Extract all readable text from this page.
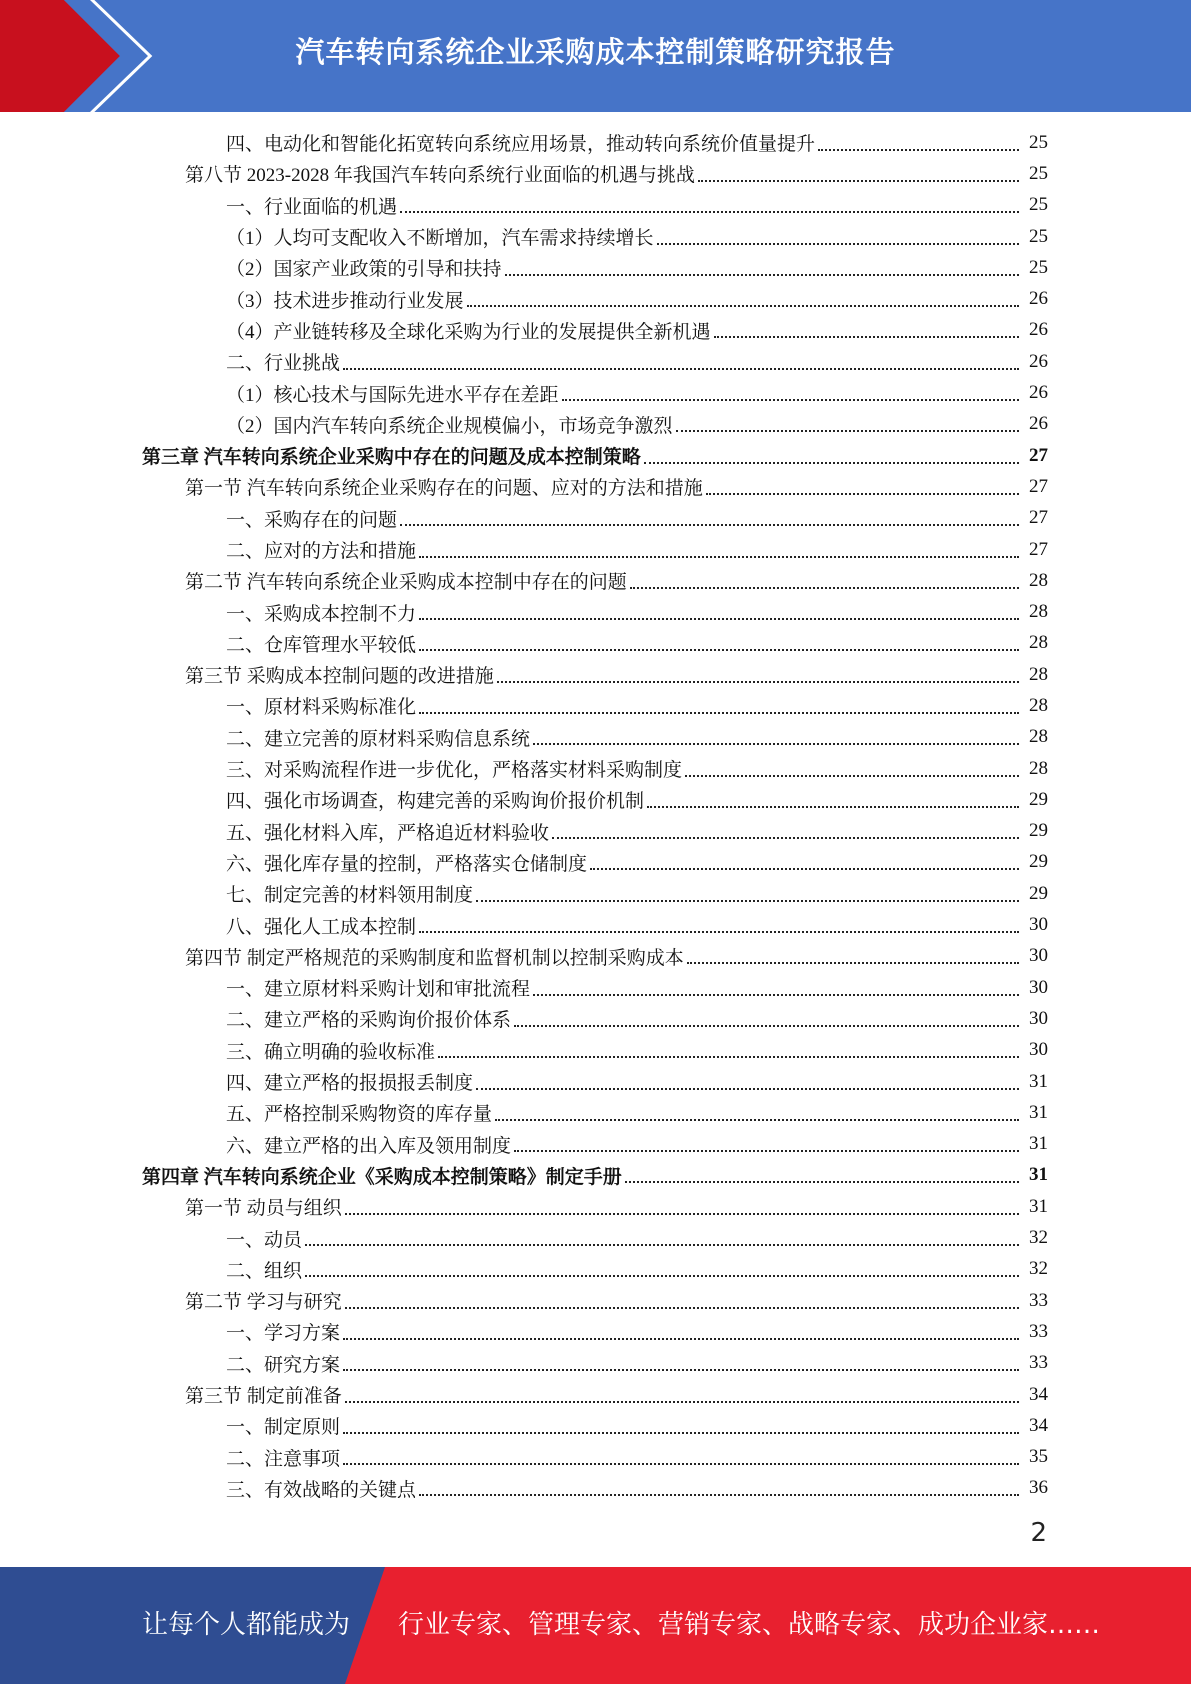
汽车转向系统企业采购成本控制策略研究报告
四、电动化和智能化拓宽转向系统应用场景，推动转向系统价值量提升	25
第八节 2023-2028 年我国汽车转向系统行业面临的机遇与挑战	25
一、行业面临的机遇	25
（1）人均可支配收入不断增加，汽车需求持续增长	25
（2）国家产业政策的引导和扶持	25
（3）技术进步推动行业发展	26
（4）产业链转移及全球化采购为行业的发展提供全新机遇	26
二、行业挑战	26
（1）核心技术与国际先进水平存在差距	26
（2）国内汽车转向系统企业规模偏小，市场竞争激烈	26
第三章 汽车转向系统企业采购中存在的问题及成本控制策略	27
第一节 汽车转向系统企业采购存在的问题、应对的方法和措施	27
一、采购存在的问题	27
二、应对的方法和措施	27
第二节 汽车转向系统企业采购成本控制中存在的问题	28
一、采购成本控制不力	28
二、仓库管理水平较低	28
第三节 采购成本控制问题的改进措施	28
一、原材料采购标准化	28
二、建立完善的原材料采购信息系统	28
三、对采购流程作进一步优化，严格落实材料采购制度	28
四、强化市场调查，构建完善的采购询价报价机制	29
五、强化材料入库，严格追近材料验收	29
六、强化库存量的控制，严格落实仓储制度	29
七、制定完善的材料领用制度	29
八、强化人工成本控制	30
第四节 制定严格规范的采购制度和监督机制以控制采购成本	30
一、建立原材料采购计划和审批流程	30
二、建立严格的采购询价报价体系	30
三、确立明确的验收标准	30
四、建立严格的报损报丢制度	31
五、严格控制采购物资的库存量	31
六、建立严格的出入库及领用制度	31
第四章 汽车转向系统企业《采购成本控制策略》制定手册	31
第一节 动员与组织	31
一、动员	32
二、组织	32
第二节 学习与研究	33
一、学习方案	33
二、研究方案	33
第三节 制定前准备	34
一、制定原则	34
二、注意事项	35
三、有效战略的关键点	36
2
让每个人都能成为 行业专家、管理专家、营销专家、战略专家、成功企业家……
